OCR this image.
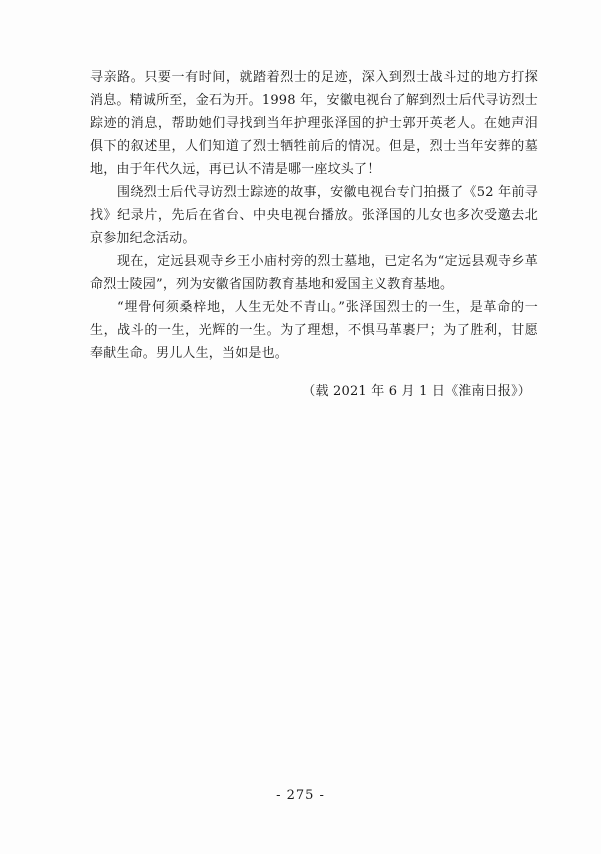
寻亲路。只要一有时间，就踏着烈士的足迹，深入到烈士战斗过的地方打探消息。精诚所至，金石为开。1998 年，安徽电视台了解到烈士后代寻访烈士踪迹的消息，帮助她们寻找到当年护理张泽国的护士郭开英老人。在她声泪俱下的叙述里，人们知道了烈士牺牲前后的情况。但是，烈士当年安葬的墓地，由于年代久远，再已认不清是哪一座坟头了！

围绕烈士后代寻访烈士踪迹的故事，安徽电视台专门拍摄了《52 年前寻找》纪录片，先后在省台、中央电视台播放。张泽国的儿女也多次受邀去北京参加纪念活动。

现在，定远县观寺乡王小庙村旁的烈士墓地，已定名为“定远县观寺乡革命烈士陵园”，列为安徽省国防教育基地和爱国主义教育基地。

“埋骨何须桑梓地，人生无处不青山。”张泽国烈士的一生，是革命的一生，战斗的一生，光辉的一生。为了理想，不惧马革裹尸；为了胜利，甘愿奉献生命。男儿人生，当如是也。

（载 2021 年 6 月 1 日《淮南日报》）
- 275 -
